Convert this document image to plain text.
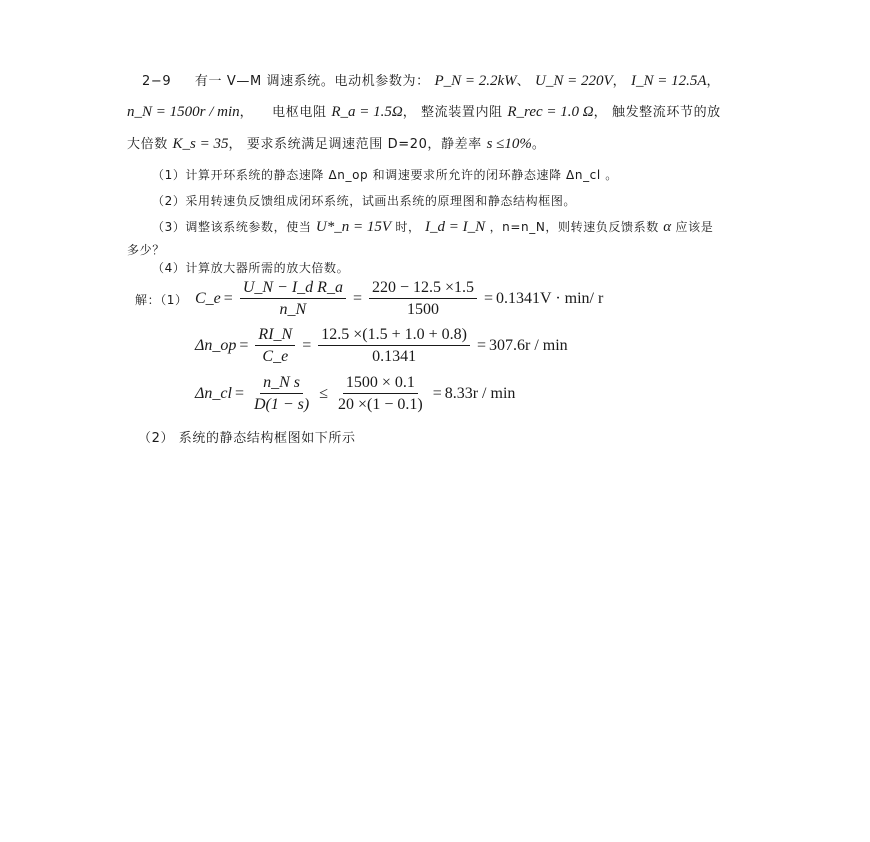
2−9 有一 V—M 调速系统。电动机参数为： P_N = 2.2kW、 U_N = 220V， I_N = 12.5A，
n_N = 1500r / min，    电枢电阻 R_a = 1.5Ω， 整流装置内阻 R_rec = 1.0 Ω， 触发整流环节的放
大倍数 K_s = 35， 要求系统满足调速范围 D=20，静差率 s ≤10%。
（1）计算开环系统的静态速降 Δn_op 和调速要求所允许的闭环静态速降 Δn_cl 。
（2）采用转速负反馈组成闭环系统，试画出系统的原理图和静态结构框图。
（3）调整该系统参数，使当 U*_n = 15V 时， I_d = I_N ，n=n_N，则转速负反馈系数 α 应该是
多少？
（4）计算放大器所需的放大倍数。
解：（1） C_e = $\frac{\text{U\_N − I\_d R\_a}}{n\_N} = \frac{220 - 12.5 \times 1.5}{1500} = 0.1341V \cdot \min/$ r
Δn_op = $\frac{RI\_N}{C\_e} = \frac{12.5 \times(1.5 + 1.0 + 0.8)}{0.1341} = 307.6r / \min$
Δn_cl = $\frac{\text{n\_N s}}{D(1 - s)} \le \frac{1500 \times 0.1}{20 \times(1 - 0.1)} = 8.33r / \min$
（2） 系统的静态结构框图如下所示
